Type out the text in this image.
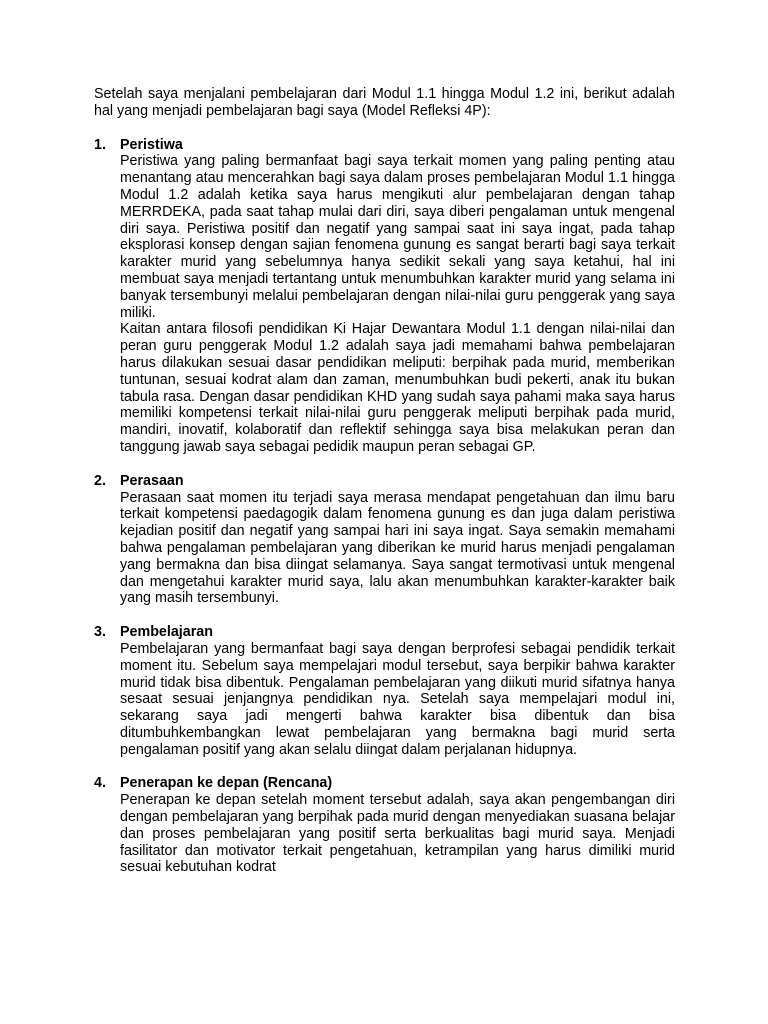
Setelah saya menjalani pembelajaran dari Modul 1.1 hingga Modul 1.2 ini, berikut adalah hal yang menjadi pembelajaran bagi saya (Model Refleksi 4P):

1. Peristiwa

Peristiwa yang paling bermanfaat bagi saya terkait momen yang paling penting atau menantang atau mencerahkan bagi saya dalam proses pembelajaran Modul 1.1 hingga Modul 1.2 adalah ketika saya harus mengikuti alur pembelajaran dengan tahap MERRDEKA, pada saat tahap mulai dari diri, saya diberi pengalaman untuk mengenal diri saya. Peristiwa positif dan negatif yang sampai saat ini saya ingat, pada tahap eksplorasi konsep dengan sajian fenomena gunung es sangat berarti bagi saya terkait karakter murid yang sebelumnya hanya sedikit sekali yang saya ketahui, hal ini membuat saya menjadi tertantang untuk menumbuhkan karakter murid yang selama ini banyak tersembunyi melalui pembelajaran dengan nilai-nilai guru penggerak yang saya miliki.

Kaitan antara filosofi pendidikan Ki Hajar Dewantara Modul 1.1 dengan nilai-nilai dan peran guru penggerak Modul 1.2 adalah saya jadi memahami bahwa pembelajaran harus dilakukan sesuai dasar pendidikan meliputi: berpihak pada murid, memberikan tuntunan, sesuai kodrat alam dan zaman, menumbuhkan budi pekerti, anak itu bukan tabula rasa. Dengan dasar pendidikan KHD yang sudah saya pahami maka saya harus memiliki kompetensi terkait nilai-nilai guru penggerak meliputi berpihak pada murid, mandiri, inovatif, kolaboratif dan reflektif sehingga saya bisa melakukan peran dan tanggung jawab saya sebagai pedidik maupun peran sebagai GP.

2. Perasaan

Perasaan saat momen itu terjadi saya merasa mendapat pengetahuan dan ilmu baru terkait kompetensi paedagogik dalam fenomena gunung es dan juga dalam peristiwa kejadian positif dan negatif yang sampai hari ini saya ingat. Saya semakin memahami bahwa pengalaman pembelajaran yang diberikan ke murid harus menjadi pengalaman yang bermakna dan bisa diingat selamanya. Saya sangat termotivasi untuk mengenal dan mengetahui karakter murid saya, lalu akan menumbuhkan karakter-karakter baik yang masih tersembunyi.

3. Pembelajaran

Pembelajaran yang bermanfaat bagi saya dengan berprofesi sebagai pendidik terkait moment itu. Sebelum saya mempelajari modul tersebut, saya berpikir bahwa karakter murid tidak bisa dibentuk. Pengalaman pembelajaran yang diikuti murid sifatnya hanya sesaat sesuai jenjangnya pendidikan nya. Setelah saya mempelajari modul ini, sekarang saya jadi mengerti bahwa karakter bisa dibentuk dan bisa ditumbuhkembangkan lewat pembelajaran yang bermakna bagi murid serta pengalaman positif yang akan selalu diingat dalam perjalanan hidupnya.

4. Penerapan ke depan (Rencana)

Penerapan ke depan setelah moment tersebut adalah, saya akan pengembangan diri dengan pembelajaran yang berpihak pada murid dengan menyediakan suasana belajar dan proses pembelajaran yang positif serta berkualitas bagi murid saya. Menjadi fasilitator dan motivator terkait pengetahuan, ketrampilan yang harus dimiliki murid sesuai kebutuhan kodrat
